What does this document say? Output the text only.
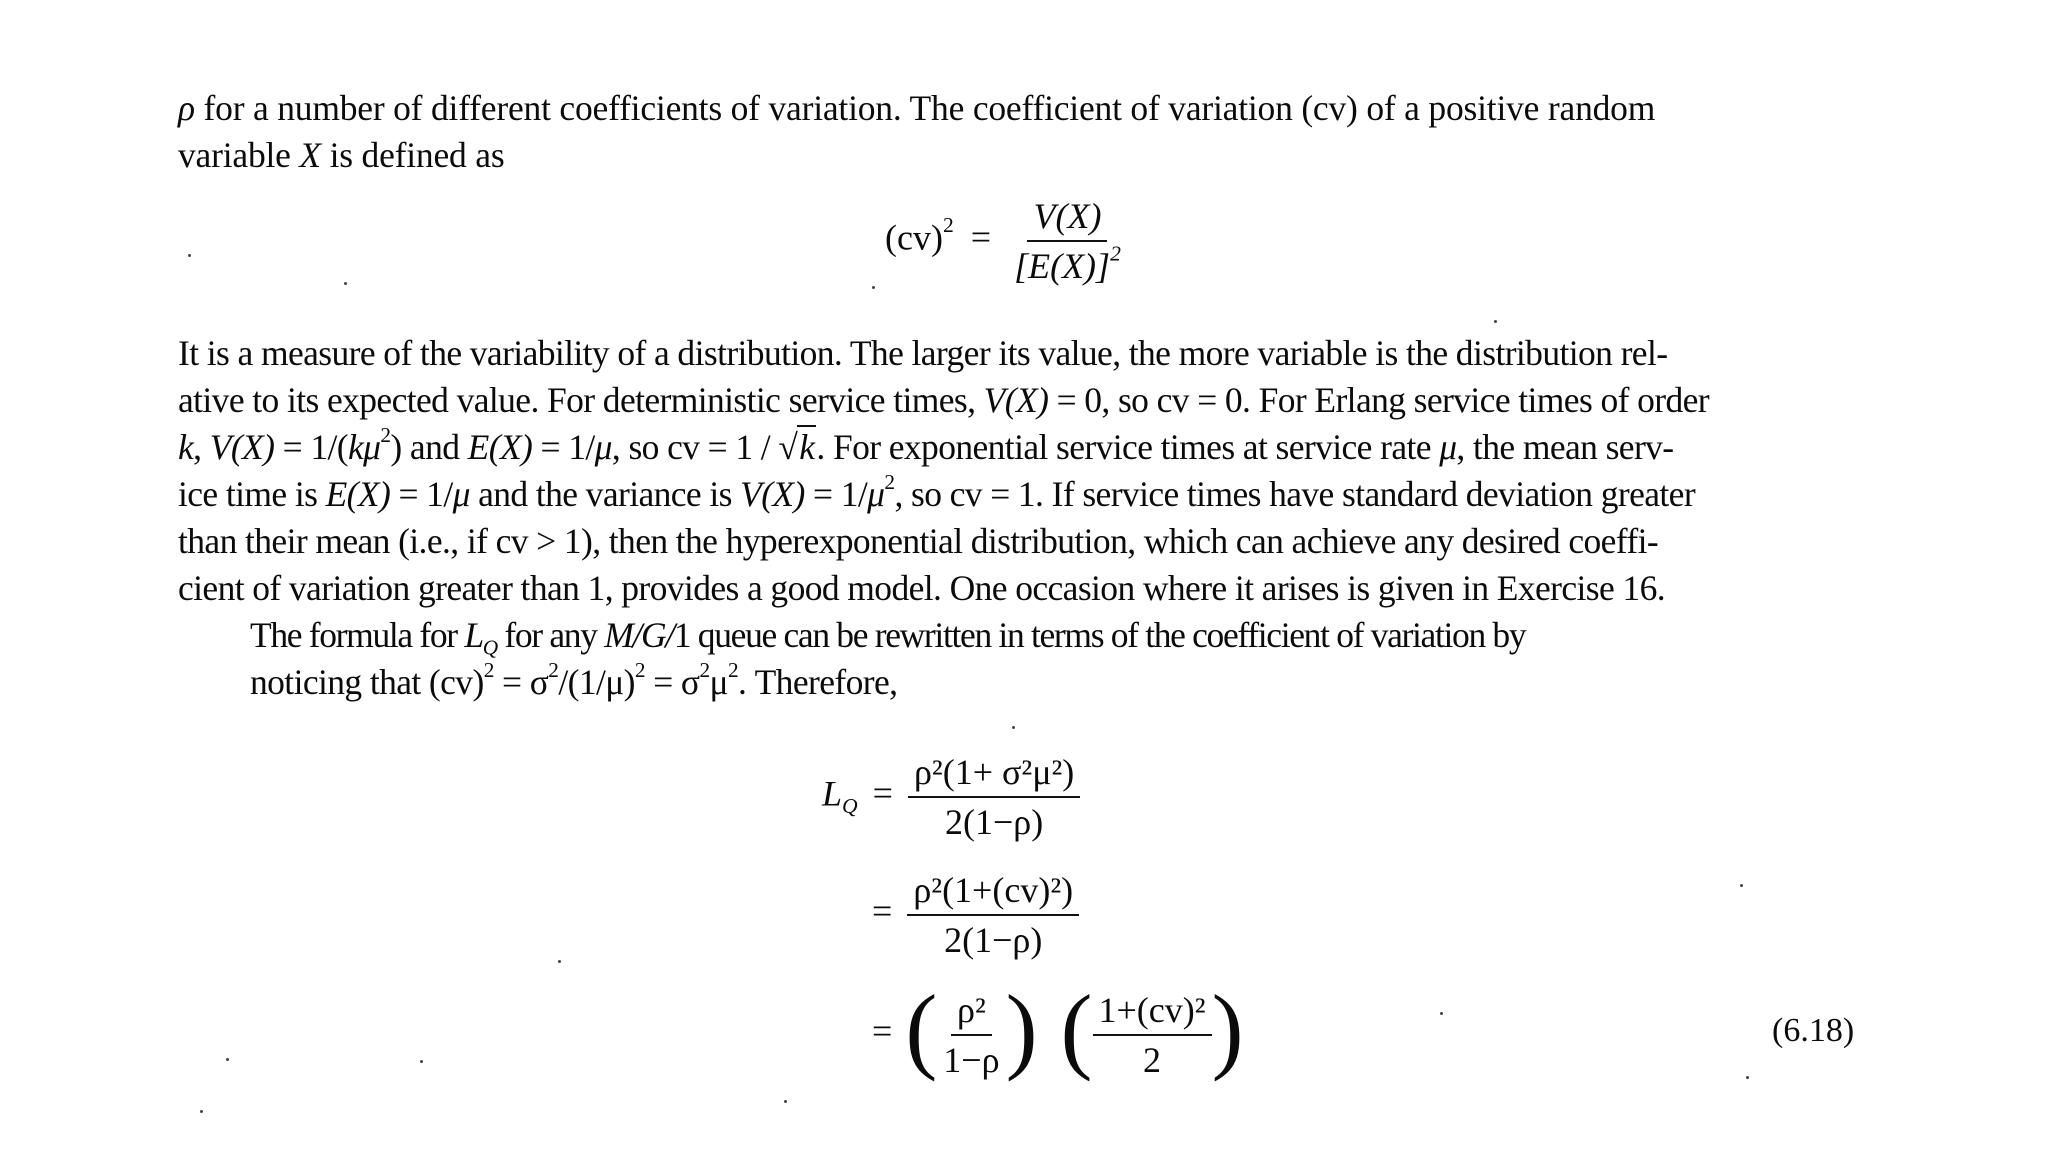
ρ for a number of different coefficients of variation. The coefficient of variation (cv) of a positive random
variable X is defined as

$(cv)^2 = \frac{V(X)}{[E(X)]^2}$

It is a measure of the variability of a distribution. The larger its value, the more variable is the distribution rel-
ative to its expected value. For deterministic service times, V(X) = 0, so cv = 0. For Erlang service times of order
k, $V(X) = 1/(k\mu^2)$ and E(X) = 1/μ, so cv = 1 / √k. For exponential service times at service rate μ, the mean serv-
ice time is E(X) = 1/μ and the variance is $V(X) = 1/\mu^2$, so cv = 1. If service times have standard deviation greater
than their mean (i.e., if cv > 1), then the hyperexponential distribution, which can achieve any desired coeffi-
cient of variation greater than 1, provides a good model. One occasion where it arises is given in Exercise 16.

The formula for $L_Q$ for any M/G/1 queue can be rewritten in terms of the coefficient of variation by
noticing that $(cv)^2 = \sigma^2/(1/\mu)^2 = \sigma^2\mu^2$. Therefore,

$L_Q = \frac{\text{ρ²(1+ σ²μ²)}}{2(1-\rho)}$
= $\frac{\text{ρ²(1+(cv)²)}}{2(1-\rho)}$
= ( $\frac{\text{ρ²}}{1-\rho}$ ) ( $\frac{\text{1+(cv)²}}{2}$ )	(6.18)
